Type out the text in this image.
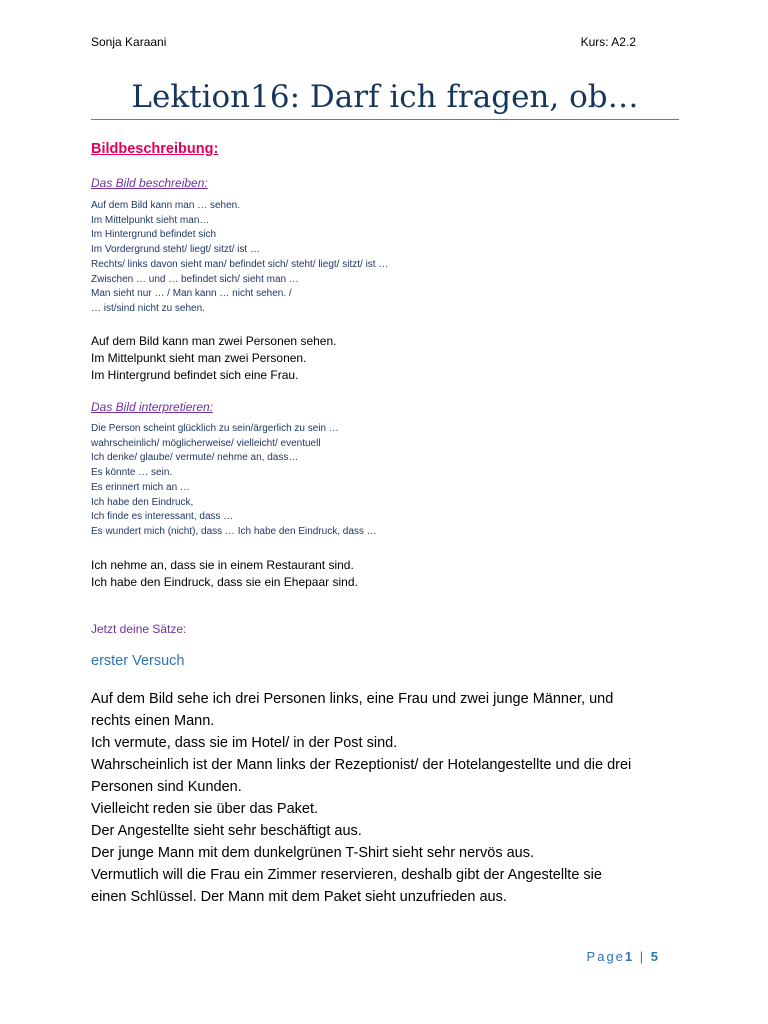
Sonja Karaani	Kurs: A2.2
Lektion16: Darf ich fragen, ob…
Bildbeschreibung:
Das Bild beschreiben:
Auf dem Bild kann man … sehen.
Im Mittelpunkt sieht man…
Im Hintergrund befindet sich
Im Vordergrund steht/ liegt/ sitzt/ ist …
Rechts/ links davon sieht man/ befindet sich/ steht/ liegt/ sitzt/ ist …
Zwischen … und … befindet sich/ sieht man …
Man sieht nur … / Man kann … nicht sehen. /
… ist/sind nicht zu sehen.
Auf dem Bild kann man zwei Personen sehen.
Im Mittelpunkt sieht man zwei Personen.
Im Hintergrund befindet sich eine Frau.
Das Bild interpretieren:
Die Person scheint glücklich zu sein/ärgerlich zu sein …
wahrscheinlich/ möglicherweise/ vielleicht/ eventuell
Ich denke/ glaube/ vermute/ nehme an, dass…
Es könnte … sein.
Es erinnert mich an …
Ich habe den Eindruck,
Ich finde es interessant, dass …
Es wundert mich (nicht), dass … Ich habe den Eindruck, dass …
Ich nehme an, dass sie in einem Restaurant sind.
Ich habe den Eindruck, dass sie ein Ehepaar sind.
Jetzt deine Sätze:
erster Versuch
Auf dem Bild sehe ich drei Personen links, eine Frau und zwei junge Männer, und
rechts einen Mann.
Ich vermute, dass sie im Hotel/ in der Post sind.
Wahrscheinlich ist der Mann links der Rezeptionist/ der Hotelangestellte und die drei
Personen sind Kunden.
Vielleicht reden sie über das Paket.
Der Angestellte sieht sehr beschäftigt aus.
Der junge Mann mit dem dunkelgrünen T-Shirt sieht sehr nervös aus.
Vermutlich will die Frau ein Zimmer reservieren, deshalb gibt der Angestellte sie
einen Schlüssel. Der Mann mit dem Paket sieht unzufrieden aus.
Page1 | 5
